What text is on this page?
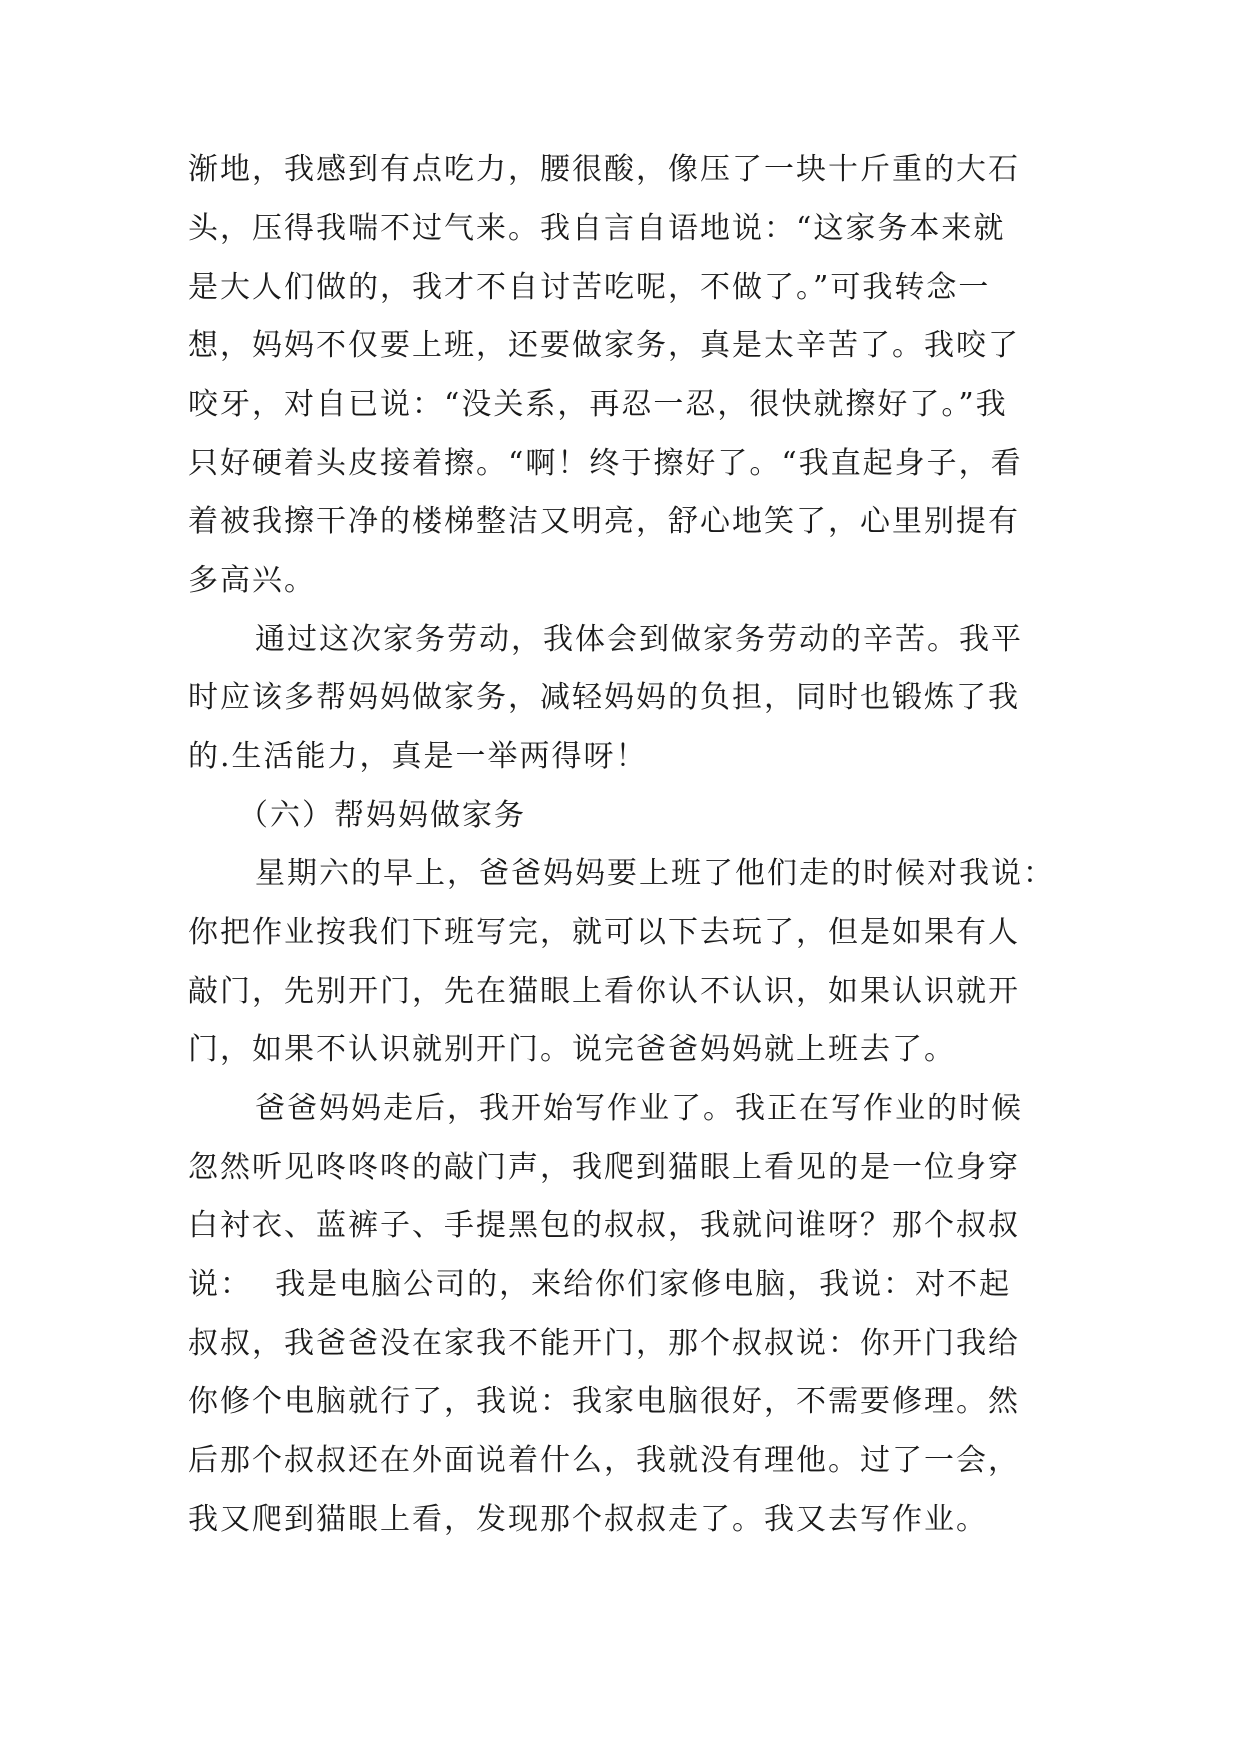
渐地，我感到有点吃力，腰很酸，像压了一块十斤重的大石
头，压得我喘不过气来。我自言自语地说：“这家务本来就
是大人们做的，我才不自讨苦吃呢，不做了。”可我转念一
想，妈妈不仅要上班，还要做家务，真是太辛苦了。我咬了
咬牙，对自已说：“没关系，再忍一忍，很快就擦好了。”我
只好硬着头皮接着擦。“啊！终于擦好了。“我直起身子，看
着被我擦干净的楼梯整洁又明亮，舒心地笑了，心里别提有
多高兴。
通过这次家务劳动，我体会到做家务劳动的辛苦。我平
时应该多帮妈妈做家务，减轻妈妈的负担，同时也锻炼了我
的.生活能力，真是一举两得呀！
（六）帮妈妈做家务
星期六的早上，爸爸妈妈要上班了他们走的时候对我说：
你把作业按我们下班写完，就可以下去玩了，但是如果有人
敲门，先别开门，先在猫眼上看你认不认识，如果认识就开
门，如果不认识就别开门。说完爸爸妈妈就上班去了。
爸爸妈妈走后，我开始写作业了。我正在写作业的时候
忽然听见咚咚咚的敲门声，我爬到猫眼上看见的是一位身穿
白衬衣、蓝裤子、手提黑包的叔叔，我就问谁呀？那个叔叔
说：  我是电脑公司的，来给你们家修电脑，我说：对不起
叔叔，我爸爸没在家我不能开门，那个叔叔说：你开门我给
你修个电脑就行了，我说：我家电脑很好，不需要修理。然
后那个叔叔还在外面说着什么，我就没有理他。过了一会，
我又爬到猫眼上看，发现那个叔叔走了。我又去写作业。
